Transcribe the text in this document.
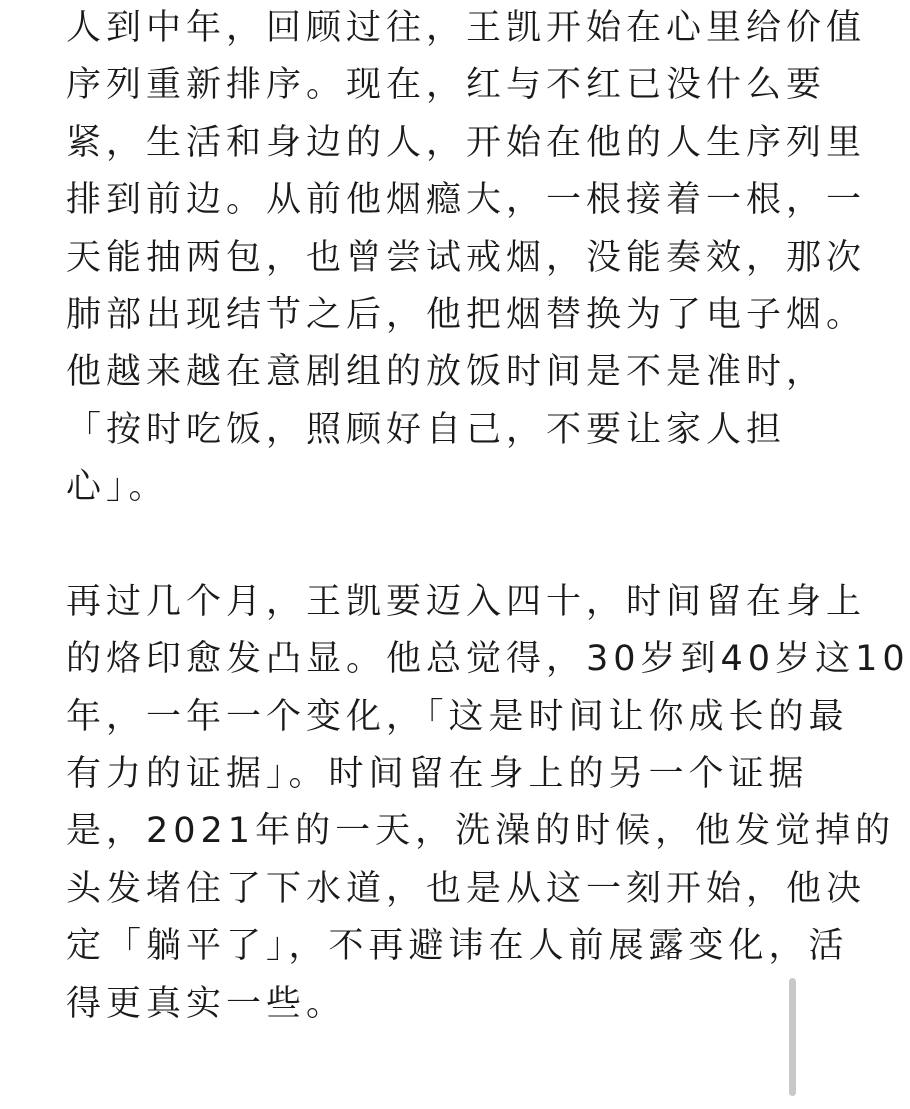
人到中年，回顾过往，王凯开始在心里给价值
序列重新排序。现在，红与不红已没什么要
紧，生活和身边的人，开始在他的人生序列里
排到前边。从前他烟瘾大，一根接着一根，一
天能抽两包，也曾尝试戒烟，没能奏效，那次
肺部出现结节之后，他把烟替换为了电子烟。
他越来越在意剧组的放饭时间是不是准时，
「按时吃饭，照顾好自己，不要让家人担
心」。
再过几个月，王凯要迈入四十，时间留在身上
的烙印愈发凸显。他总觉得，30岁到40岁这10
年，一年一个变化，「这是时间让你成长的最
有力的证据」。时间留在身上的另一个证据
是，2021年的一天，洗澡的时候，他发觉掉的
头发堵住了下水道，也是从这一刻开始，他决
定「躺平了」，不再避讳在人前展露变化，活
得更真实一些。
